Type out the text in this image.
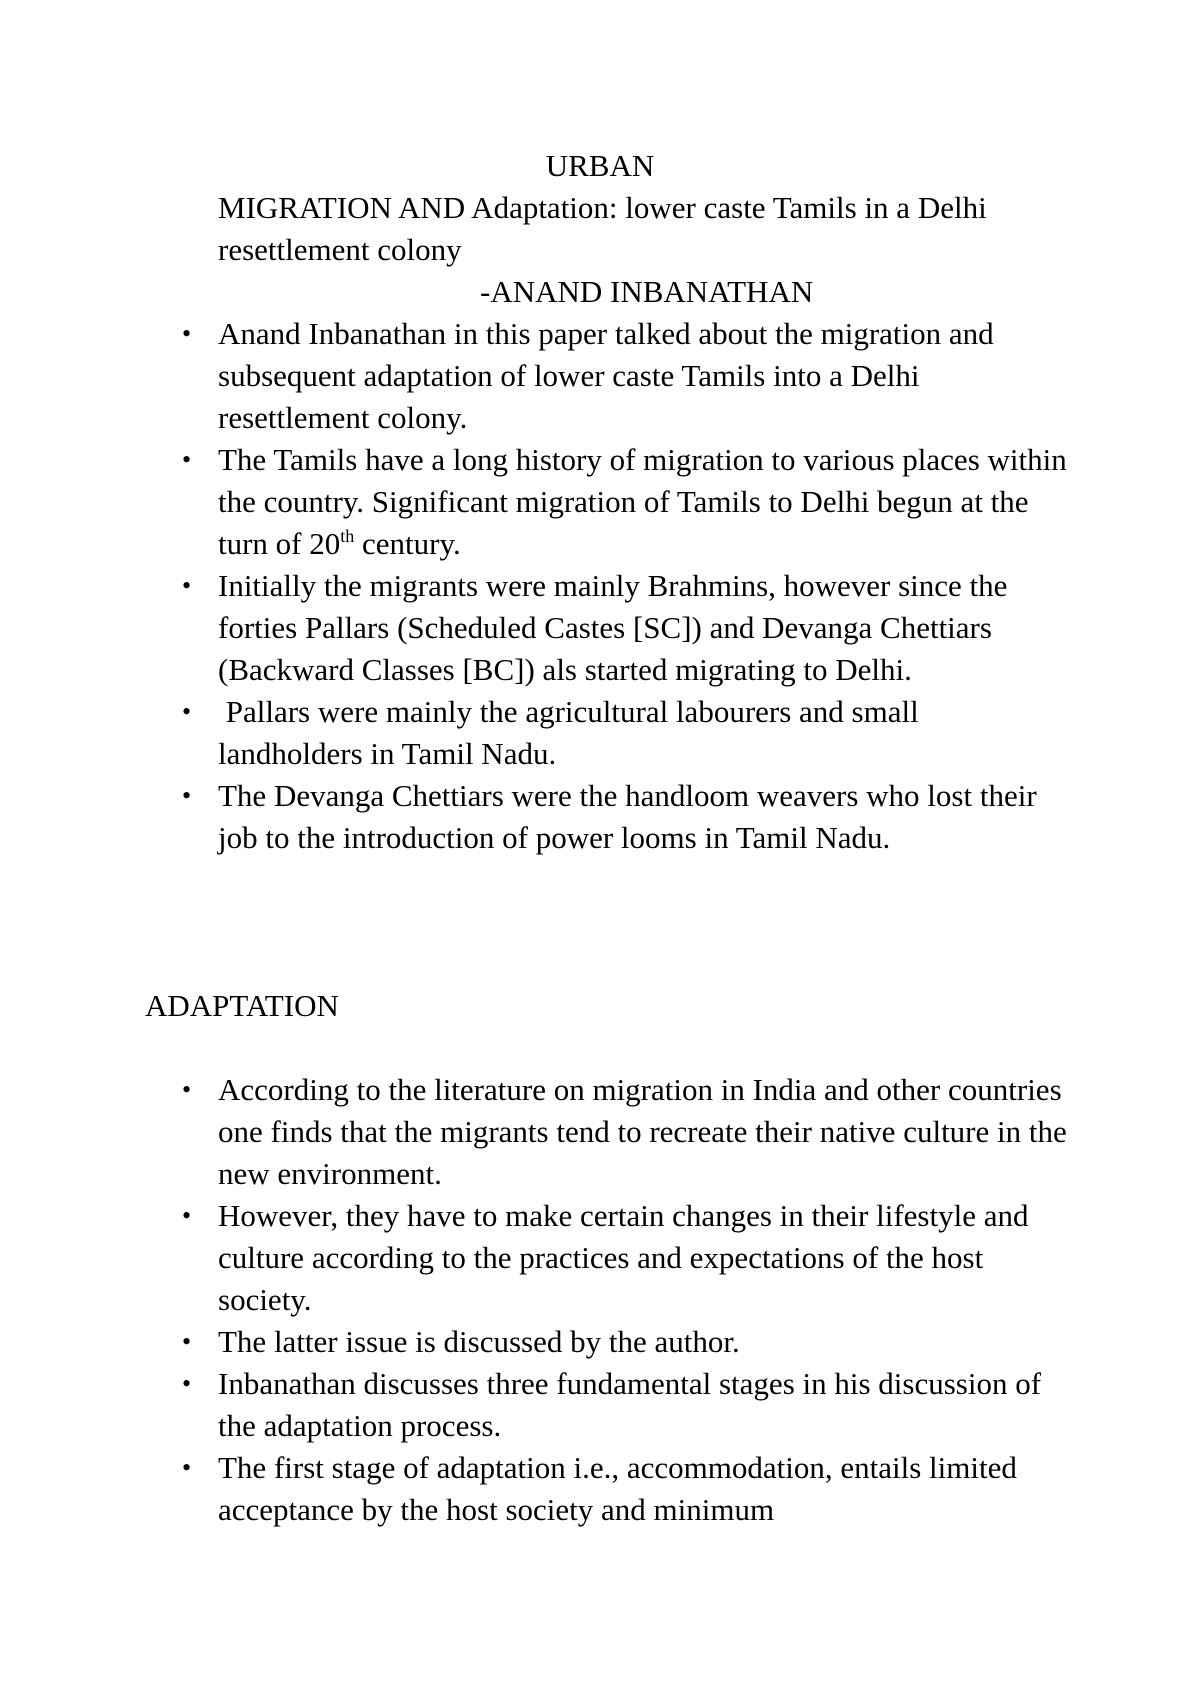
URBAN
MIGRATION AND Adaptation: lower caste Tamils in a Delhi resettlement colony
-ANAND INBANATHAN
• Anand Inbanathan in this paper talked about the migration and subsequent adaptation of lower caste Tamils into a Delhi resettlement colony.
• The Tamils have a long history of migration to various places within the country. Significant migration of Tamils to Delhi begun at the turn of 20th century.
• Initially the migrants were mainly Brahmins, however since the forties Pallars (Scheduled Castes [SC]) and Devanga Chettiars (Backward Classes [BC]) als started migrating to Delhi.
• Pallars were mainly the agricultural labourers and small landholders in Tamil Nadu.
• The Devanga Chettiars were the handloom weavers who lost their job to the introduction of power looms in Tamil Nadu.
ADAPTATION
• According to the literature on migration in India and other countries one finds that the migrants tend to recreate their native culture in the new environment.
• However, they have to make certain changes in their lifestyle and culture according to the practices and expectations of the host society.
• The latter issue is discussed by the author.
• Inbanathan discusses three fundamental stages in his discussion of the adaptation process.
• The first stage of adaptation i.e., accommodation, entails limited acceptance by the host society and minimum
